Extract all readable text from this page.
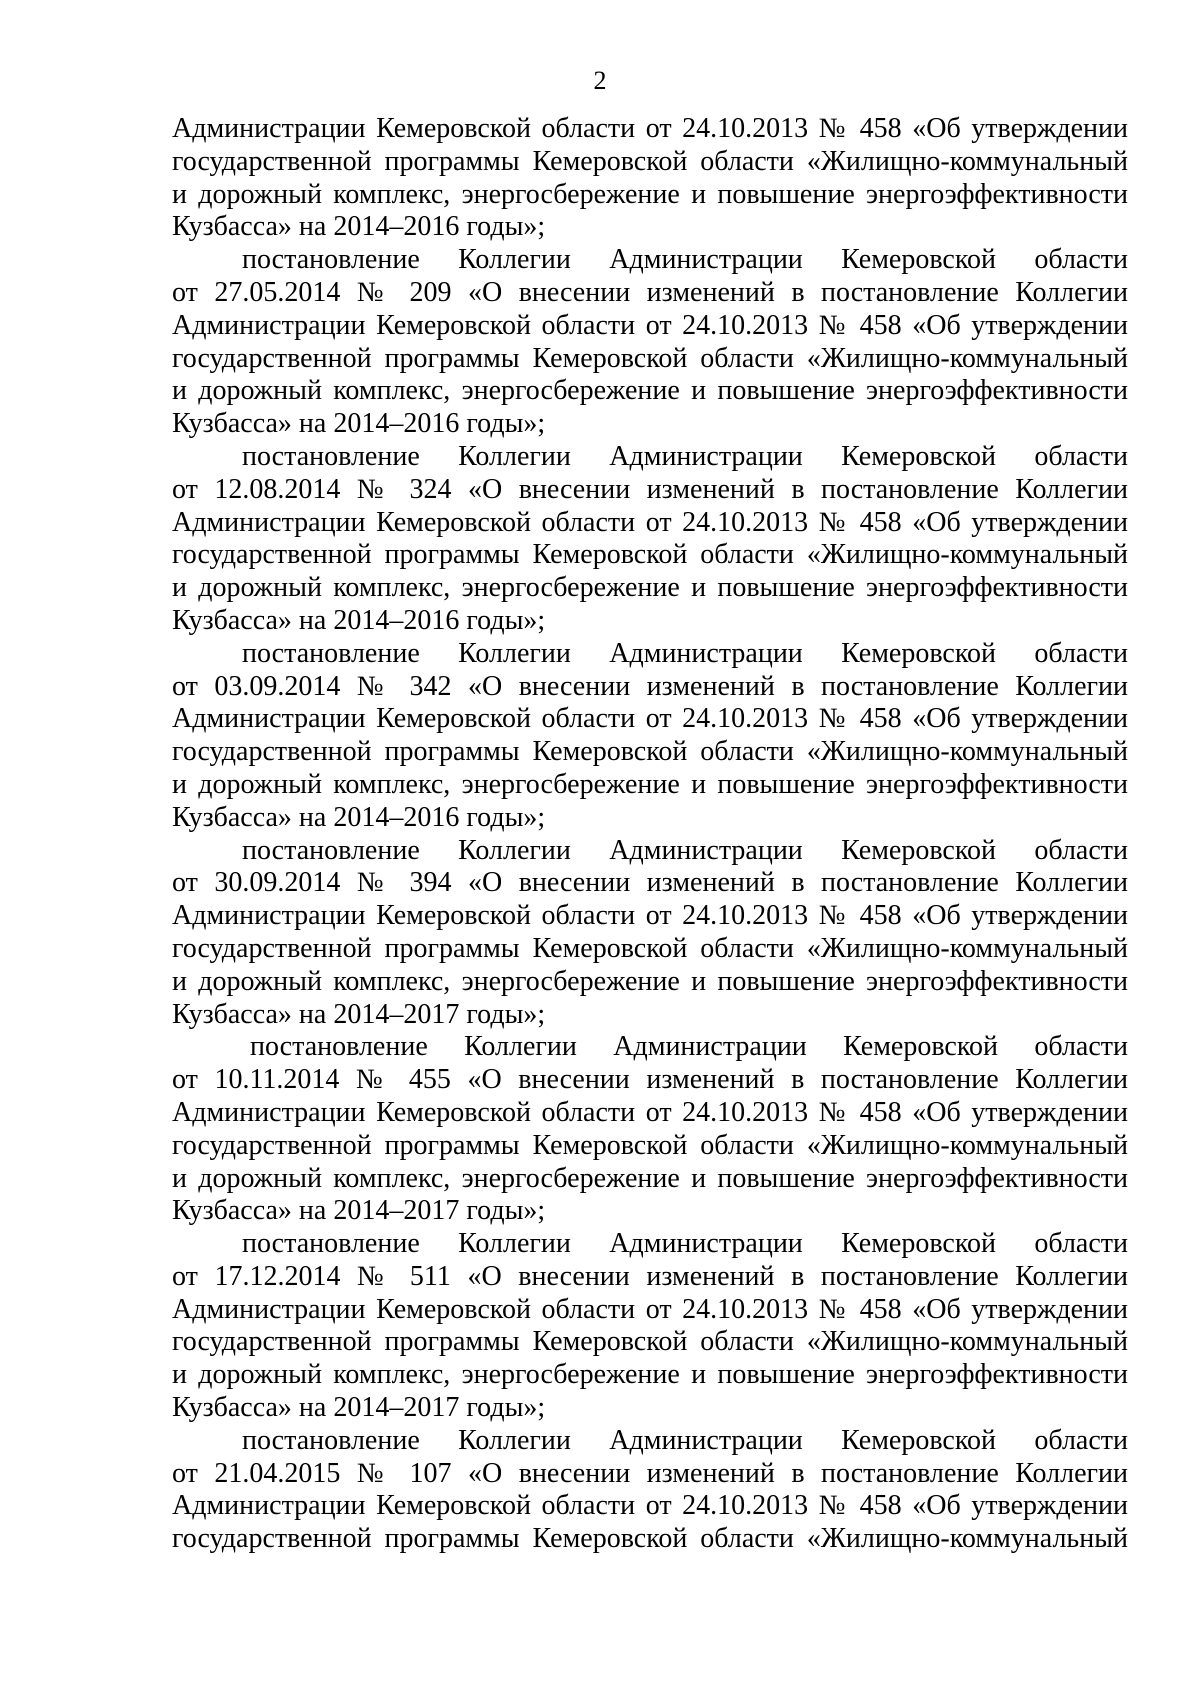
2
Администрации Кемеровской области от 24.10.2013 № 458 «Об утверждении
государственной программы Кемеровской области «Жилищно-коммунальный
и дорожный комплекс, энергосбережение и повышение энергоэффективности
Кузбасса» на 2014–2016 годы»;
постановление Коллегии Администрации Кемеровской области
от 27.05.2014 № 209 «О внесении изменений в постановление Коллегии
Администрации Кемеровской области от 24.10.2013 № 458 «Об утверждении
государственной программы Кемеровской области «Жилищно-коммунальный
и дорожный комплекс, энергосбережение и повышение энергоэффективности
Кузбасса» на 2014–2016 годы»;
постановление Коллегии Администрации Кемеровской области
от 12.08.2014 № 324 «О внесении изменений в постановление Коллегии
Администрации Кемеровской области от 24.10.2013 № 458 «Об утверждении
государственной программы Кемеровской области «Жилищно-коммунальный
и дорожный комплекс, энергосбережение и повышение энергоэффективности
Кузбасса» на 2014–2016 годы»;
постановление Коллегии Администрации Кемеровской области
от 03.09.2014 № 342 «О внесении изменений в постановление Коллегии
Администрации Кемеровской области от 24.10.2013 № 458 «Об утверждении
государственной программы Кемеровской области «Жилищно-коммунальный
и дорожный комплекс, энергосбережение и повышение энергоэффективности
Кузбасса» на 2014–2016 годы»;
постановление Коллегии Администрации Кемеровской области
от 30.09.2014 № 394 «О внесении изменений в постановление Коллегии
Администрации Кемеровской области от 24.10.2013 № 458 «Об утверждении
государственной программы Кемеровской области «Жилищно-коммунальный
и дорожный комплекс, энергосбережение и повышение энергоэффективности
Кузбасса» на 2014–2017 годы»;
постановление Коллегии Администрации Кемеровской области
от 10.11.2014 № 455 «О внесении изменений в постановление Коллегии
Администрации Кемеровской области от 24.10.2013 № 458 «Об утверждении
государственной программы Кемеровской области «Жилищно-коммунальный
и дорожный комплекс, энергосбережение и повышение энергоэффективности
Кузбасса» на 2014–2017 годы»;
постановление Коллегии Администрации Кемеровской области
от 17.12.2014 № 511 «О внесении изменений в постановление Коллегии
Администрации Кемеровской области от 24.10.2013 № 458 «Об утверждении
государственной программы Кемеровской области «Жилищно-коммунальный
и дорожный комплекс, энергосбережение и повышение энергоэффективности
Кузбасса» на 2014–2017 годы»;
постановление Коллегии Администрации Кемеровской области
от 21.04.2015 № 107 «О внесении изменений в постановление Коллегии
Администрации Кемеровской области от 24.10.2013 № 458 «Об утверждении
государственной программы Кемеровской области «Жилищно-коммунальный
